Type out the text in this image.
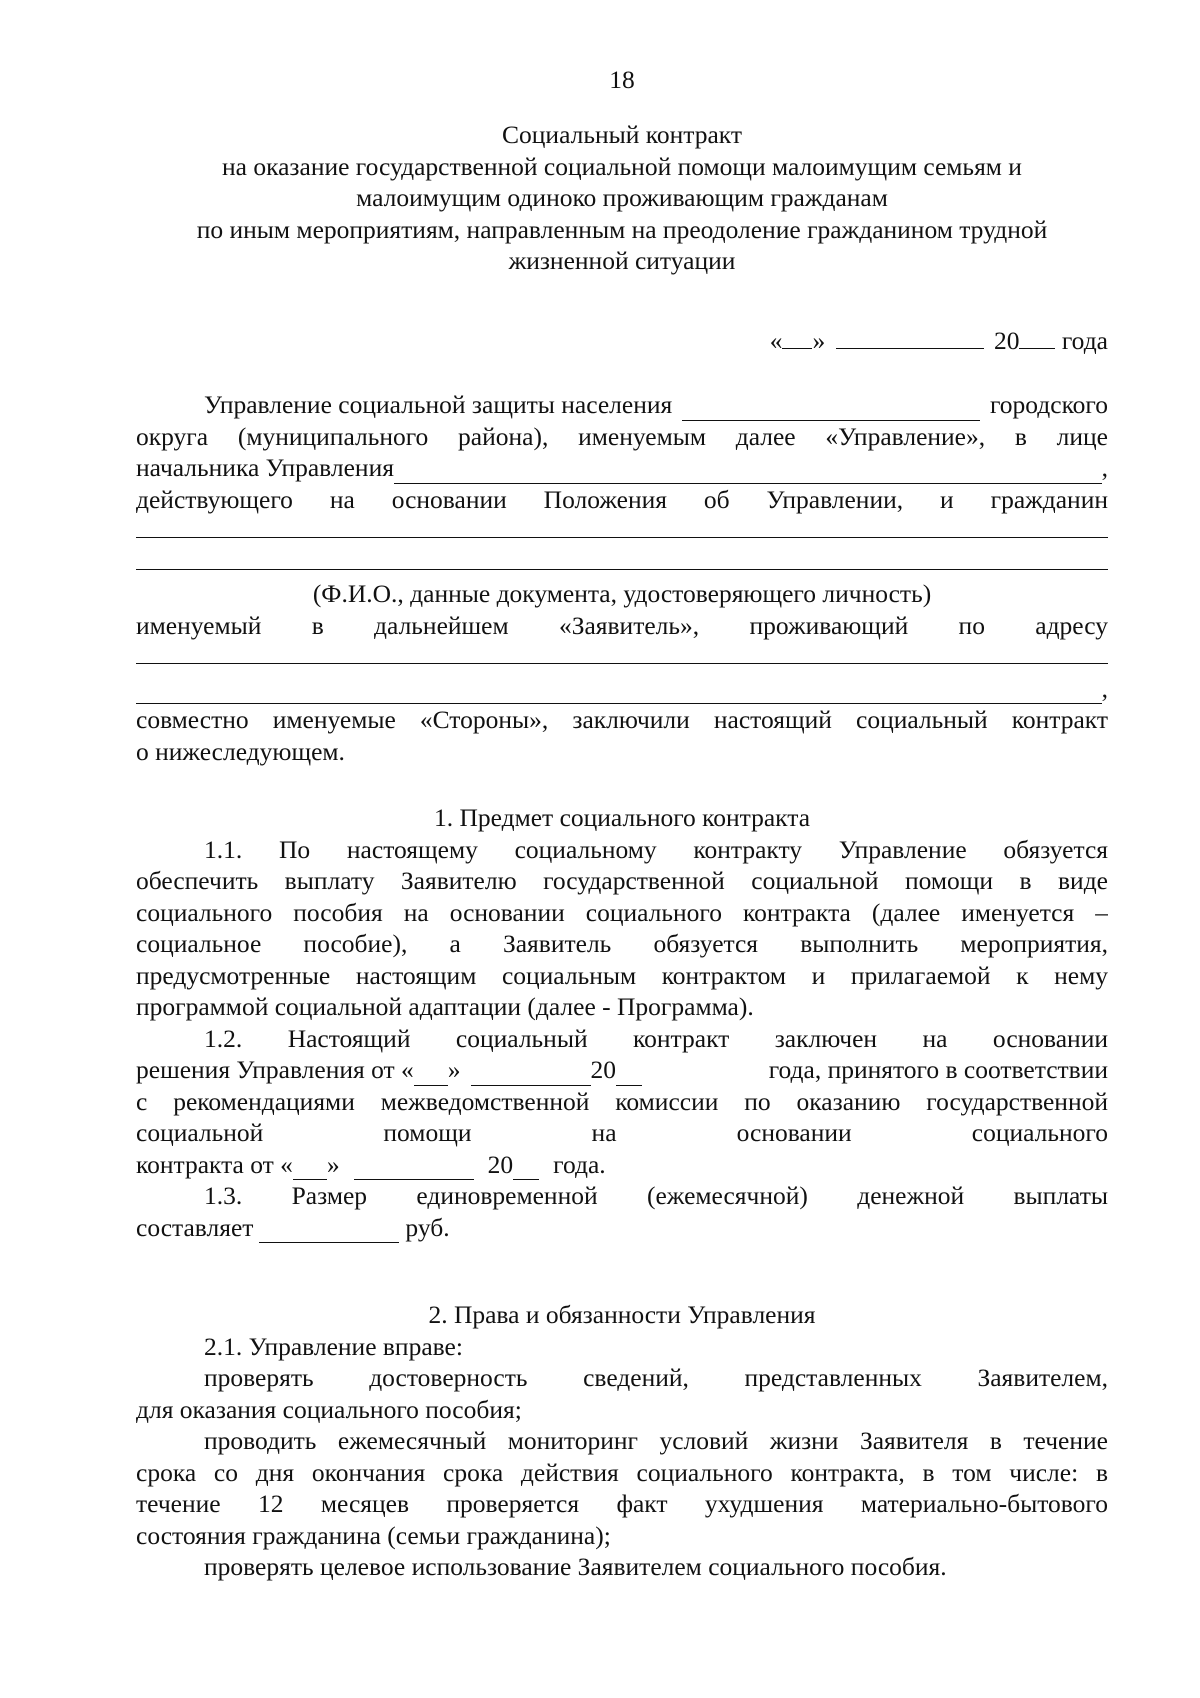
18
Социальный контракт
на оказание государственной социальной помощи малоимущим семьям и
малоимущим одиноко проживающим гражданам
по иным мероприятиям, направленным на преодоление гражданином трудной
жизненной ситуации
« »	20 года
Управление социальной защиты населения	городского
округа (муниципального района), именуемым далее «Управление», в лице
начальника Управления	,
действующего на основании Положения об Управлении, и гражданин
(Ф.И.О., данные документа, удостоверяющего личность)
именуемый в дальнейшем «Заявитель», проживающий по адресу
,
совместно именуемые «Стороны», заключили настоящий социальный контракт
о нижеследующем.
1. Предмет социального контракта
1.1. По настоящему социальному контракту Управление обязуется
обеспечить выплату Заявителю государственной социальной помощи в виде
социального пособия на основании социального контракта (далее именуется –
социальное пособие), а Заявитель обязуется выполнить мероприятия,
предусмотренные настоящим социальным контрактом и прилагаемой к нему
программой социальной адаптации (далее - Программа).
1.2. Настоящий социальный контракт заключен на основании
решения Управления от « »	20	года, принятого в соответствии
с рекомендациями межведомственной комиссии по оказанию государственной
социальной помощи на основании социального
контракта от « »	20 года.
1.3. Размер единовременной (ежемесячной) денежной выплаты
составляет	руб.
2. Права и обязанности Управления
2.1. Управление вправе:
проверять достоверность сведений, представленных Заявителем,
для оказания социального пособия;
проводить ежемесячный мониторинг условий жизни Заявителя в течение
срока со дня окончания срока действия социального контракта, в том числе: в
течение 12 месяцев проверяется факт ухудшения материально-бытового
состояния гражданина (семьи гражданина);
проверять целевое использование Заявителем социального пособия.
